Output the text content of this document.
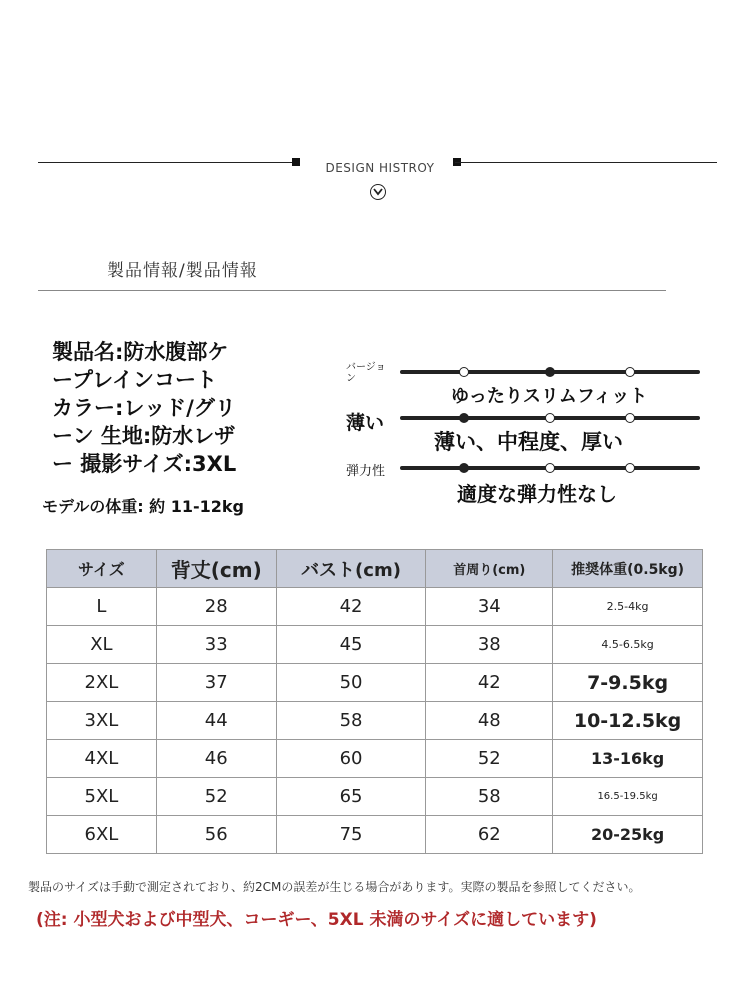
DESIGN HISTROY
製品情報/製品情報
製品名:防水腹部ケ
ープレインコート
カラー:レッド/グリ
ーン 生地:防水レザ
ー 撮影サイズ:3XL
モデルの体重: 約 11-12kg
バージョン
ゆったりスリムフィット
薄い
薄い、中程度、厚い
弾力性
適度な弾力性なし
サイズ	背丈(cm)	バスト(cm)	首周り(cm)	推奨体重(0.5kg)
L	28	42	34	2.5-4kg
XL	33	45	38	4.5-6.5kg
2XL	37	50	42	7-9.5kg
3XL	44	58	48	10-12.5kg
4XL	46	60	52	13-16kg
5XL	52	65	58	16.5-19.5kg
6XL	56	75	62	20-25kg
製品のサイズは手動で測定されており、約2CMの誤差が生じる場合があります。実際の製品を参照してください。
(注: 小型犬および中型犬、コーギー、5XL 未満のサイズに適しています)
